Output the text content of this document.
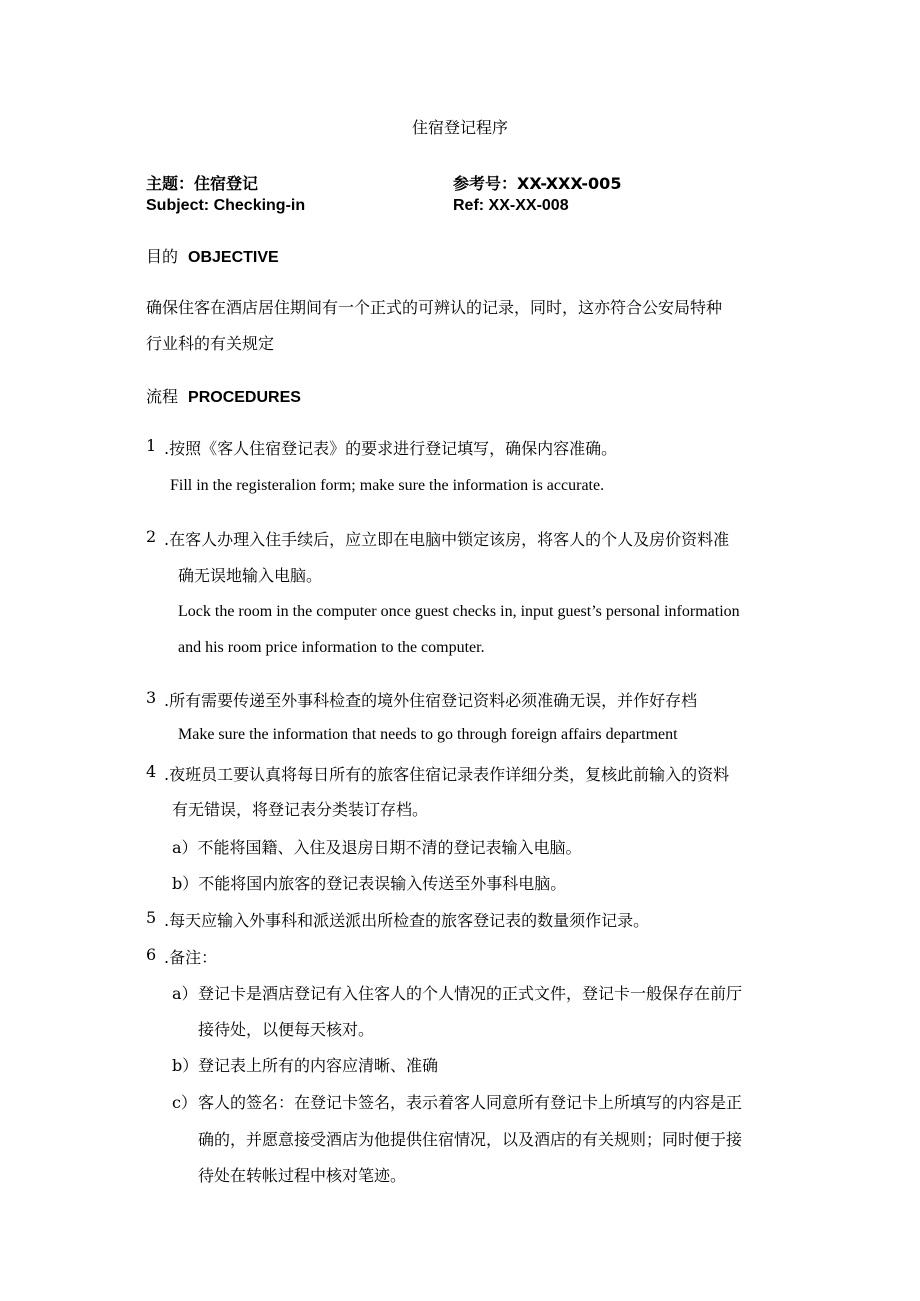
住宿登记程序
主题：住宿登记	参考号：XX-XXX-005
Subject: Checking-in	Ref: XX-XX-008
目的 OBJECTIVE
确保住客在酒店居住期间有一个正式的可辨认的记录，同时，这亦符合公安局特种
行业科的有关规定
流程 PROCEDURES
1 .按照《客人住宿登记表》的要求进行登记填写，确保内容准确。
Fill in the registeralion form; make sure the information is accurate.
2 .在客人办理入住手续后，应立即在电脑中锁定该房，将客人的个人及房价资料准
确无误地输入电脑。
Lock the room in the computer once guest checks in, input guest’s personal information
and his room price information to the computer.
3 .所有需要传递至外事科检查的境外住宿登记资料必须准确无误，并作好存档
Make sure the information that needs to go through foreign affairs department
4 .夜班员工要认真将每日所有的旅客住宿记录表作详细分类，复核此前输入的资料
有无错误，将登记表分类装订存档。
a）不能将国籍、入住及退房日期不清的登记表输入电脑。
b）不能将国内旅客的登记表误输入传送至外事科电脑。
5 .每天应输入外事科和派送派出所检查的旅客登记表的数量须作记录。
6 .备注：
a） 登记卡是酒店登记有入住客人的个人情况的正式文件，登记卡一般保存在前厅
接待处，以便每天核对。
b） 登记表上所有的内容应清晰、准确
c） 客人的签名：在登记卡签名，表示着客人同意所有登记卡上所填写的内容是正
确的，并愿意接受酒店为他提供住宿情况，以及酒店的有关规则；同时便于接
待处在转帐过程中核对笔迹。
